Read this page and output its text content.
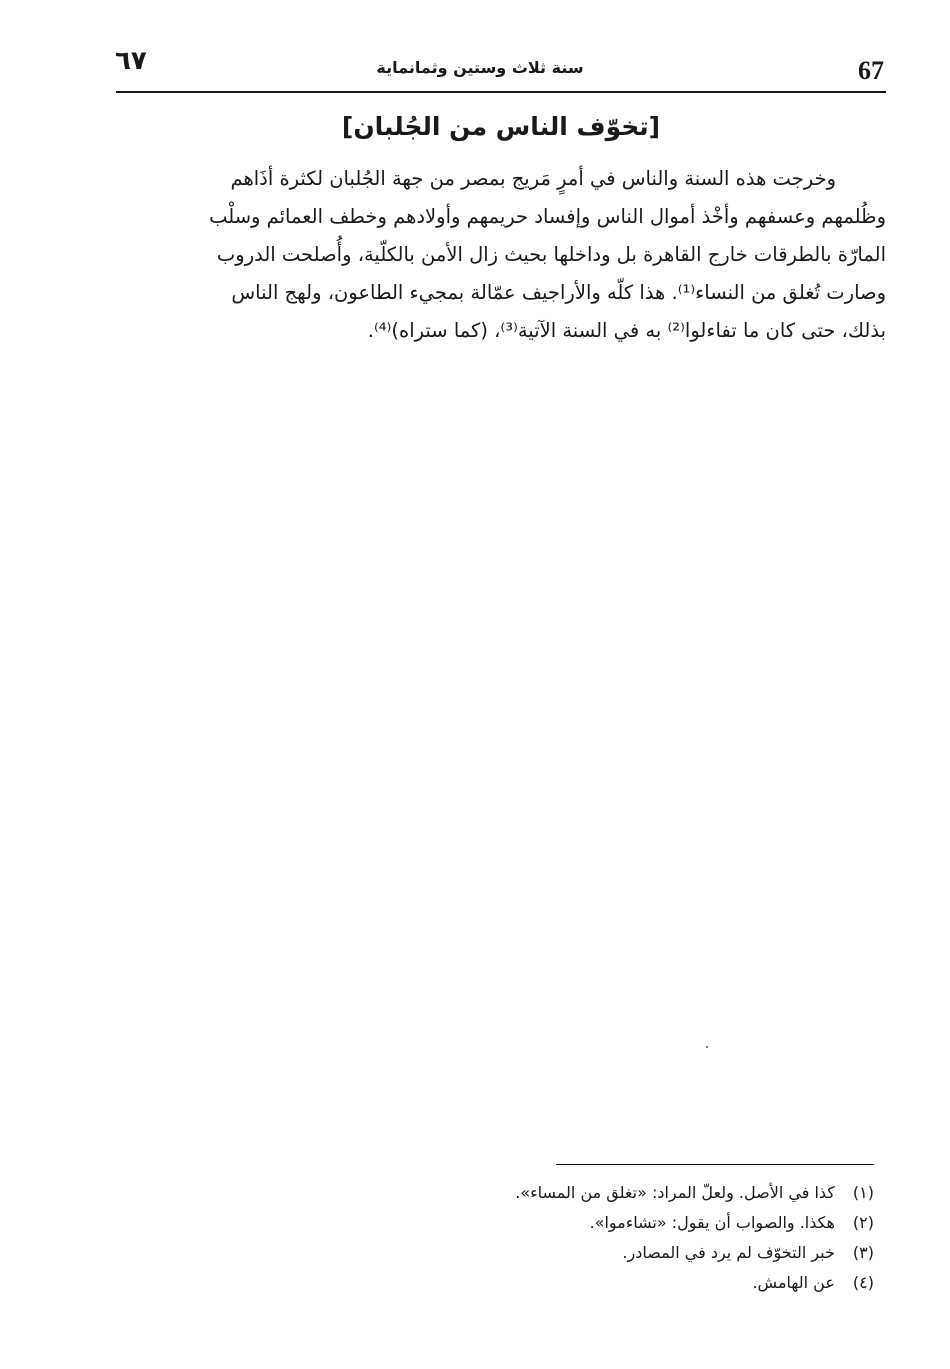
67
سنة ثلاث وستين وثمانماية
٦٧
[تخوّف الناس من الجُلبان]
وخرجت هذه السنة والناس في أمرٍ مَريج بمصر من جهة الجُلبان لكثرة أذَاهم
وظُلمهم وعسفهم وأخْذ أموال الناس وإفساد حريمهم وأولادهم وخطف العمائم وسلْب
المارّة بالطرقات خارج القاهرة بل وداخلها بحيث زال الأمن بالكلّية، وأُصلحت الدروب
وصارت تُغلق من النساء⁽¹⁾. هذا كلّه والأراجيف عمّالة بمجيء الطاعون، ولهج الناس
بذلك، حتى كان ما تفاءلوا⁽²⁾ به في السنة الآتية⁽³⁾، (كما ستراه)⁽⁴⁾.
(١) كذا في الأصل. ولعلّ المراد: «تغلق من المساء».
(٢) هكذا. والصواب أن يقول: «تشاءموا».
(٣) خبر التخوّف لم يرد في المصادر.
(٤) عن الهامش.
